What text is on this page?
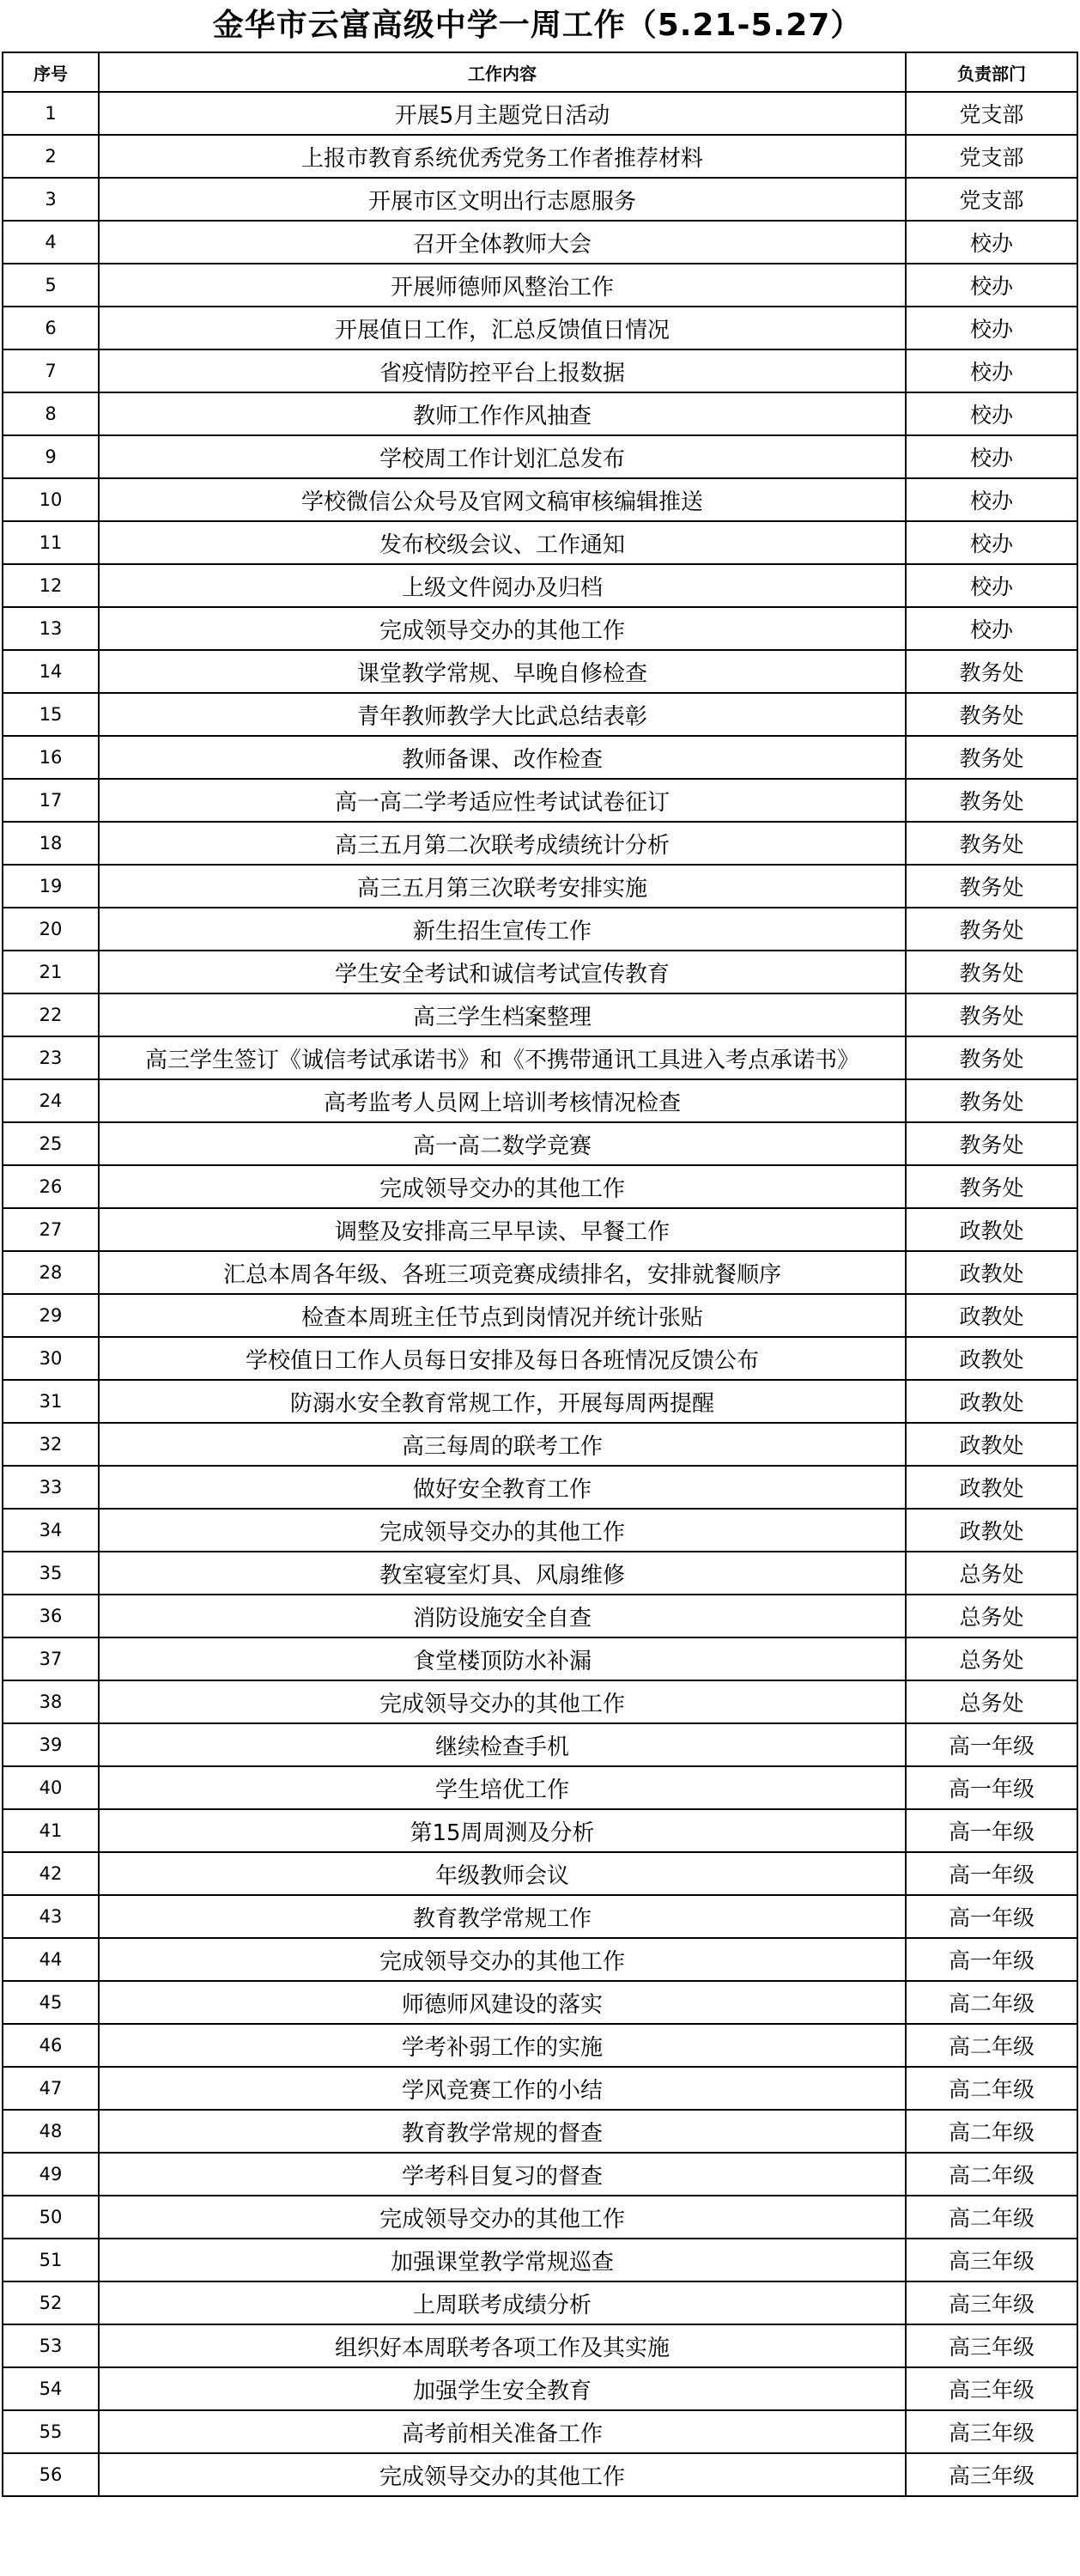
金华市云富高级中学一周工作（5.21-5.27）
序号	工作内容	负责部门
1	开展5月主题党日活动	党支部
2	上报市教育系统优秀党务工作者推荐材料	党支部
3	开展市区文明出行志愿服务	党支部
4	召开全体教师大会	校办
5	开展师德师风整治工作	校办
6	开展值日工作，汇总反馈值日情况	校办
7	省疫情防控平台上报数据	校办
8	教师工作作风抽查	校办
9	学校周工作计划汇总发布	校办
10	学校微信公众号及官网文稿审核编辑推送	校办
11	发布校级会议、工作通知	校办
12	上级文件阅办及归档	校办
13	完成领导交办的其他工作	校办
14	课堂教学常规、早晚自修检查	教务处
15	青年教师教学大比武总结表彰	教务处
16	教师备课、改作检查	教务处
17	高一高二学考适应性考试试卷征订	教务处
18	高三五月第二次联考成绩统计分析	教务处
19	高三五月第三次联考安排实施	教务处
20	新生招生宣传工作	教务处
21	学生安全考试和诚信考试宣传教育	教务处
22	高三学生档案整理	教务处
23	高三学生签订《诚信考试承诺书》和《不携带通讯工具进入考点承诺书》	教务处
24	高考监考人员网上培训考核情况检查	教务处
25	高一高二数学竞赛	教务处
26	完成领导交办的其他工作	教务处
27	调整及安排高三早早读、早餐工作	政教处
28	汇总本周各年级、各班三项竞赛成绩排名，安排就餐顺序	政教处
29	检查本周班主任节点到岗情况并统计张贴	政教处
30	学校值日工作人员每日安排及每日各班情况反馈公布	政教处
31	防溺水安全教育常规工作，开展每周两提醒	政教处
32	高三每周的联考工作	政教处
33	做好安全教育工作	政教处
34	完成领导交办的其他工作	政教处
35	教室寝室灯具、风扇维修	总务处
36	消防设施安全自查	总务处
37	食堂楼顶防水补漏	总务处
38	完成领导交办的其他工作	总务处
39	继续检查手机	高一年级
40	学生培优工作	高一年级
41	第15周周测及分析	高一年级
42	年级教师会议	高一年级
43	教育教学常规工作	高一年级
44	完成领导交办的其他工作	高一年级
45	师德师风建设的落实	高二年级
46	学考补弱工作的实施	高二年级
47	学风竞赛工作的小结	高二年级
48	教育教学常规的督查	高二年级
49	学考科目复习的督查	高二年级
50	完成领导交办的其他工作	高二年级
51	加强课堂教学常规巡查	高三年级
52	上周联考成绩分析	高三年级
53	组织好本周联考各项工作及其实施	高三年级
54	加强学生安全教育	高三年级
55	高考前相关准备工作	高三年级
56	完成领导交办的其他工作	高三年级
